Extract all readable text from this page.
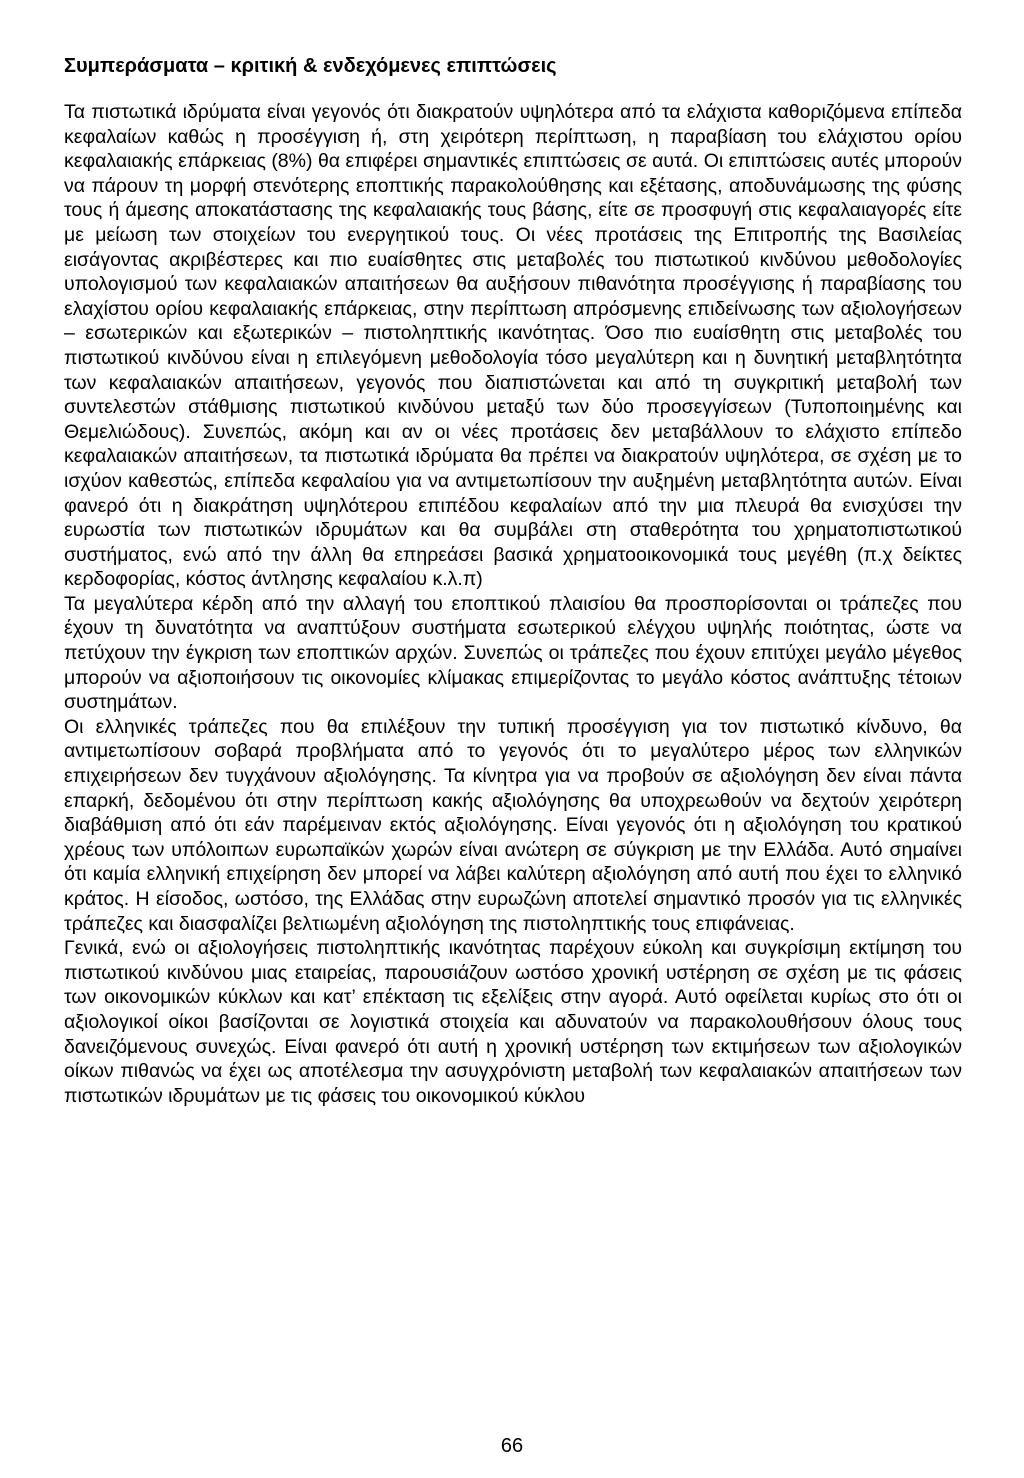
Συμπεράσματα – κριτική & ενδεχόμενες επιπτώσεις

Τα πιστωτικά ιδρύματα είναι γεγονός ότι διακρατούν υψηλότερα από τα ελάχιστα καθοριζόμενα επίπεδα κεφαλαίων καθώς η προσέγγιση ή, στη χειρότερη περίπτωση, η παραβίαση του ελάχιστου ορίου κεφαλαιακής επάρκειας (8%) θα επιφέρει σημαντικές επιπτώσεις σε αυτά. Οι επιπτώσεις αυτές μπορούν να πάρουν τη μορφή στενότερης εποπτικής παρακολούθησης και εξέτασης, αποδυνάμωσης της φύσης τους ή άμεσης αποκατάστασης της κεφαλαιακής τους βάσης, είτε σε προσφυγή στις κεφαλαιαγορές είτε με μείωση των στοιχείων του ενεργητικού τους. Οι νέες προτάσεις της Επιτροπής της Βασιλείας εισάγοντας ακριβέστερες και πιο ευαίσθητες στις μεταβολές του πιστωτικού κινδύνου μεθοδολογίες υπολογισμού των κεφαλαιακών απαιτήσεων θα αυξήσουν πιθανότητα προσέγγισης ή παραβίασης του ελαχίστου ορίου κεφαλαιακής επάρκειας, στην περίπτωση απρόσμενης επιδείνωσης των αξιολογήσεων – εσωτερικών και εξωτερικών – πιστοληπτικής ικανότητας. Όσο πιο ευαίσθητη στις μεταβολές του πιστωτικού κινδύνου είναι η επιλεγόμενη μεθοδολογία τόσο μεγαλύτερη και η δυνητική μεταβλητότητα των κεφαλαιακών απαιτήσεων, γεγονός που διαπιστώνεται και από τη συγκριτική μεταβολή των συντελεστών στάθμισης πιστωτικού κινδύνου μεταξύ των δύο προσεγγίσεων (Τυποποιημένης και Θεμελιώδους). Συνεπώς, ακόμη και αν οι νέες προτάσεις δεν μεταβάλλουν το ελάχιστο επίπεδο κεφαλαιακών απαιτήσεων, τα πιστωτικά ιδρύματα θα πρέπει να διακρατούν υψηλότερα, σε σχέση με το ισχύον καθεστώς, επίπεδα κεφαλαίου για να αντιμετωπίσουν την αυξημένη μεταβλητότητα αυτών. Είναι φανερό ότι η διακράτηση υψηλότερου επιπέδου κεφαλαίων από την μια πλευρά θα ενισχύσει την ευρωστία των πιστωτικών ιδρυμάτων και θα συμβάλει στη σταθερότητα του χρηματοπιστωτικού συστήματος, ενώ από την άλλη θα επηρεάσει βασικά χρηματοοικονομικά τους μεγέθη (π.χ δείκτες κερδοφορίας, κόστος άντλησης κεφαλαίου κ.λ.π)

Τα μεγαλύτερα κέρδη από την αλλαγή του εποπτικού πλαισίου θα προσπορίσονται οι τράπεζες που έχουν τη δυνατότητα να αναπτύξουν συστήματα εσωτερικού ελέγχου υψηλής ποιότητας, ώστε να πετύχουν την έγκριση των εποπτικών αρχών. Συνεπώς οι τράπεζες που έχουν επιτύχει μεγάλο μέγεθος μπορούν να αξιοποιήσουν τις οικονομίες κλίμακας επιμερίζοντας το μεγάλο κόστος ανάπτυξης τέτοιων συστημάτων.

Οι ελληνικές τράπεζες που θα επιλέξουν την τυπική προσέγγιση για τον πιστωτικό κίνδυνο, θα αντιμετωπίσουν σοβαρά προβλήματα από το γεγονός ότι το μεγαλύτερο μέρος των ελληνικών επιχειρήσεων δεν τυγχάνουν αξιολόγησης. Τα κίνητρα για να προβούν σε αξιολόγηση δεν είναι πάντα επαρκή, δεδομένου ότι στην περίπτωση κακής αξιολόγησης θα υποχρεωθούν να δεχτούν χειρότερη διαβάθμιση από ότι εάν παρέμειναν εκτός αξιολόγησης. Είναι γεγονός ότι η αξιολόγηση του κρατικού χρέους των υπόλοιπων ευρωπαϊκών χωρών είναι ανώτερη σε σύγκριση με την Ελλάδα. Αυτό σημαίνει ότι καμία ελληνική επιχείρηση δεν μπορεί να λάβει καλύτερη αξιολόγηση από αυτή που έχει το ελληνικό κράτος. Η είσοδος, ωστόσο, της Ελλάδας στην ευρωζώνη αποτελεί σημαντικό προσόν για τις ελληνικές τράπεζες και διασφαλίζει βελτιωμένη αξιολόγηση της πιστοληπτικής τους επιφάνειας.

Γενικά, ενώ οι αξιολογήσεις πιστοληπτικής ικανότητας παρέχουν εύκολη και συγκρίσιμη εκτίμηση του πιστωτικού κινδύνου μιας εταιρείας, παρουσιάζουν ωστόσο χρονική υστέρηση σε σχέση με τις φάσεις των οικονομικών κύκλων και κατ’ επέκταση τις εξελίξεις στην αγορά. Αυτό οφείλεται κυρίως στο ότι οι αξιολογικοί οίκοι βασίζονται σε λογιστικά στοιχεία και αδυνατούν να παρακολουθήσουν όλους τους δανειζόμενους συνεχώς. Είναι φανερό ότι αυτή η χρονική υστέρηση των εκτιμήσεων των αξιολογικών οίκων πιθανώς να έχει ως αποτέλεσμα την ασυγχρόνιστη μεταβολή των κεφαλαιακών απαιτήσεων των πιστωτικών ιδρυμάτων με τις φάσεις του οικονομικού κύκλου

66
